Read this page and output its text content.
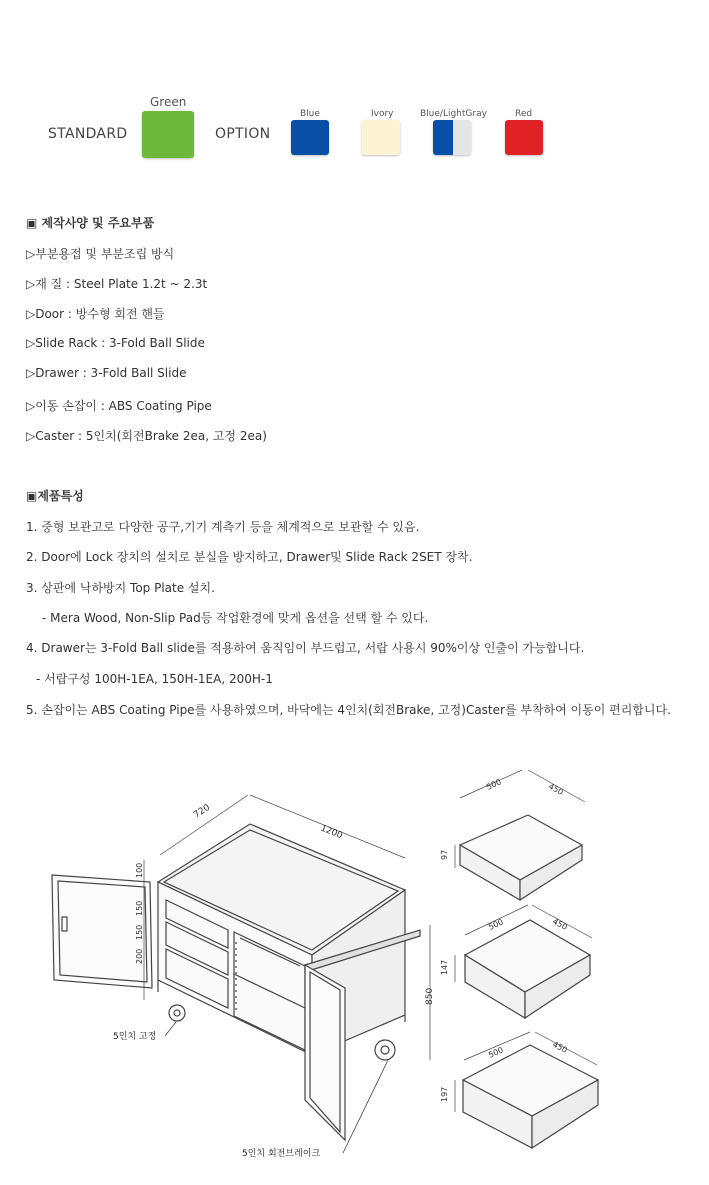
STANDARD
Green
OPTION
Blue	Ivory	Blue/LightGray	Red
▣ 제작사양 및 주요부품
▷부분용접 및 부분조립 방식
▷재 질 : Steel Plate 1.2t ~ 2.3t
▷Door : 방수형 회전 핸들
▷Slide Rack : 3-Fold Ball Slide
▷Drawer : 3-Fold Ball Slide
▷이동 손잡이 : ABS Coating Pipe
▷Caster : 5인치(회전Brake 2ea, 고정 2ea)
▣제품특성
1. 중형 보관고로 다양한 공구,기기 계측기 등을 체계적으로 보관할 수 있음.
2. Door에 Lock 장치의 설치로 분실을 방지하고, Drawer및 Slide Rack 2SET 장착.
3. 상판에 낙하방지 Top Plate 설치.
- Mera Wood, Non-Slip Pad등 작업환경에 맞게 옵션을 선택 할 수 있다.
4. Drawer는 3-Fold Ball slide를 적용하여 움직임이 부드럽고, 서랍 사용시 90%이상 인출이 가능합니다.
- 서랍구성 100H-1EA, 150H-1EA, 200H-1
5. 손잡이는 ABS Coating Pipe를 사용하였으며, 바닥에는 4인치(회전Brake, 고정)Caster를 부착하여 이동이 편리합니다.
5인치 고정
5인치 회전브레이크
720
1200
850
100
150
150
200
500	450
97
500	450
147
500	450
197
